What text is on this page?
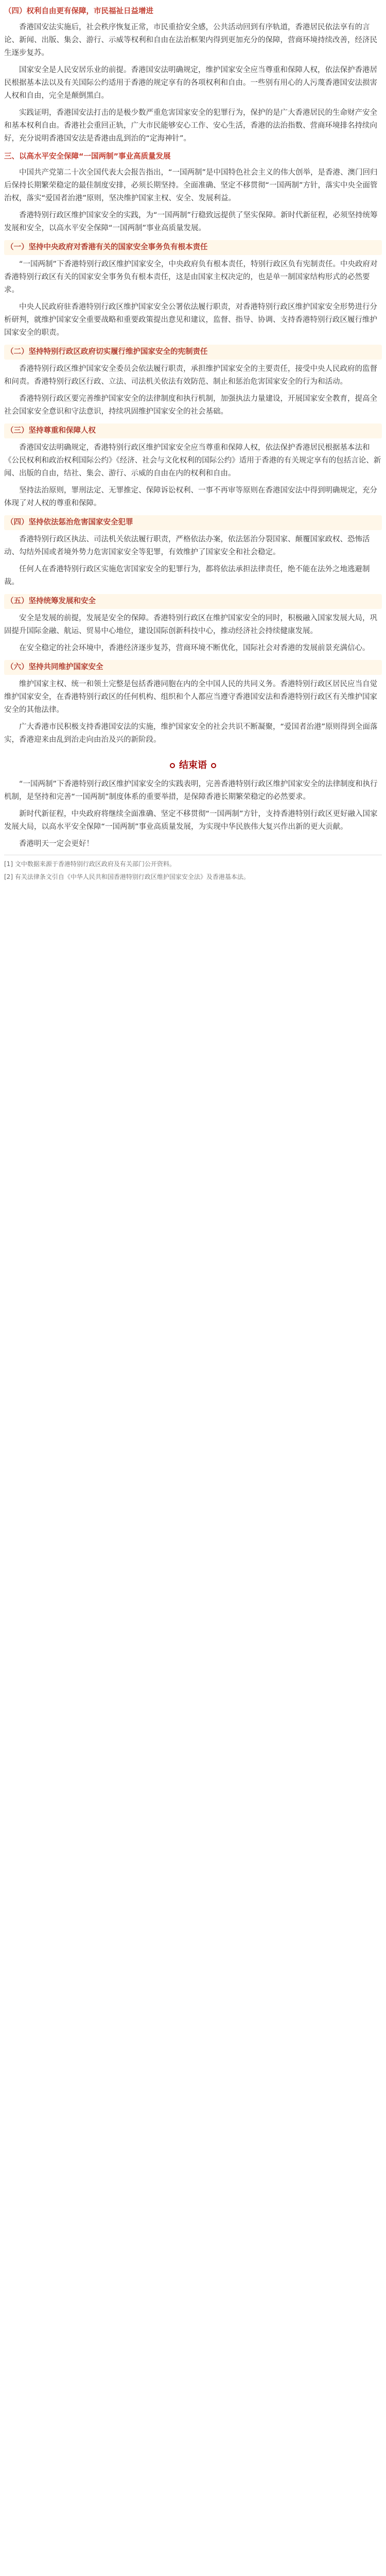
（四）权利自由更有保障，市民福祉日益增进

香港国安法实施后，社会秩序恢复正常，市民重拾安全感，公共活动回到有序轨道，香港居民依法享有的言论、新闻、出版、集会、游行、示威等权利和自由在法治框架内得到更加充分的保障，营商环境持续改善，经济民生逐步复苏。

国家安全是人民安居乐业的前提。香港国安法明确规定，维护国家安全应当尊重和保障人权，依法保护香港居民根据基本法以及有关国际公约适用于香港的规定享有的各项权利和自由。一些别有用心的人污蔑香港国安法损害人权和自由，完全是颠倒黑白。

实践证明，香港国安法打击的是极少数严重危害国家安全的犯罪行为，保护的是广大香港居民的生命财产安全和基本权利自由。香港社会重回正轨，广大市民能够安心工作、安心生活，香港的法治指数、营商环境排名持续向好，充分说明香港国安法是香港由乱到治的“定海神针”。

三、以高水平安全保障“一国两制”事业高质量发展

中国共产党第二十次全国代表大会报告指出，“一国两制”是中国特色社会主义的伟大创举，是香港、澳门回归后保持长期繁荣稳定的最佳制度安排，必须长期坚持。全面准确、坚定不移贯彻“一国两制”方针，落实中央全面管治权，落实“爱国者治港”原则，坚决维护国家主权、安全、发展利益。

香港特别行政区维护国家安全的实践，为“一国两制”行稳致远提供了坚实保障。新时代新征程，必须坚持统筹发展和安全，以高水平安全保障“一国两制”事业高质量发展。

（一）坚持中央政府对香港有关的国家安全事务负有根本责任

“一国两制”下香港特别行政区维护国家安全，中央政府负有根本责任，特别行政区负有宪制责任。中央政府对香港特别行政区有关的国家安全事务负有根本责任，这是由国家主权决定的，也是单一制国家结构形式的必然要求。

中央人民政府驻香港特别行政区维护国家安全公署依法履行职责，对香港特别行政区维护国家安全形势进行分析研判，就维护国家安全重要战略和重要政策提出意见和建议，监督、指导、协调、支持香港特别行政区履行维护国家安全的职责。

（二）坚持特别行政区政府切实履行维护国家安全的宪制责任

香港特别行政区维护国家安全委员会依法履行职责，承担维护国家安全的主要责任，接受中央人民政府的监督和问责。香港特别行政区行政、立法、司法机关依法有效防范、制止和惩治危害国家安全的行为和活动。

香港特别行政区要完善维护国家安全的法律制度和执行机制，加强执法力量建设，开展国家安全教育，提高全社会国家安全意识和守法意识，持续巩固维护国家安全的社会基础。

（三）坚持尊重和保障人权

香港国安法明确规定，香港特别行政区维护国家安全应当尊重和保障人权，依法保护香港居民根据基本法和《公民权利和政治权利国际公约》《经济、社会与文化权利的国际公约》适用于香港的有关规定享有的包括言论、新闻、出版的自由，结社、集会、游行、示威的自由在内的权利和自由。

坚持法治原则，罪刑法定、无罪推定、保障诉讼权利、一事不再审等原则在香港国安法中得到明确规定，充分体现了对人权的尊重和保障。

（四）坚持依法惩治危害国家安全犯罪

香港特别行政区执法、司法机关依法履行职责，严格依法办案，依法惩治分裂国家、颠覆国家政权、恐怖活动、勾结外国或者境外势力危害国家安全等犯罪，有效维护了国家安全和社会稳定。

任何人在香港特别行政区实施危害国家安全的犯罪行为，都将依法承担法律责任，绝不能在法外之地逃避制裁。

（五）坚持统筹发展和安全

安全是发展的前提，发展是安全的保障。香港特别行政区在维护国家安全的同时，积极融入国家发展大局，巩固提升国际金融、航运、贸易中心地位，建设国际创新科技中心，推动经济社会持续健康发展。

在安全稳定的社会环境中，香港经济逐步复苏，营商环境不断优化，国际社会对香港的发展前景充满信心。

（六）坚持共同维护国家安全

维护国家主权、统一和领土完整是包括香港同胞在内的全中国人民的共同义务。香港特别行政区居民应当自觉维护国家安全，在香港特别行政区的任何机构、组织和个人都应当遵守香港国安法和香港特别行政区有关维护国家安全的其他法律。

广大香港市民积极支持香港国安法的实施，维护国家安全的社会共识不断凝聚，“爱国者治港”原则得到全面落实，香港迎来由乱到治走向由治及兴的新阶段。

结束语

“一国两制”下香港特别行政区维护国家安全的实践表明，完善香港特别行政区维护国家安全的法律制度和执行机制，是坚持和完善“一国两制”制度体系的重要举措，是保障香港长期繁荣稳定的必然要求。

新时代新征程，中央政府将继续全面准确、坚定不移贯彻“一国两制”方针，支持香港特别行政区更好融入国家发展大局，以高水平安全保障“一国两制”事业高质量发展，为实现中华民族伟大复兴作出新的更大贡献。

香港明天一定会更好！

[1] 文中数据来源于香港特别行政区政府及有关部门公开资料。

[2] 有关法律条文引自《中华人民共和国香港特别行政区维护国家安全法》及香港基本法。
